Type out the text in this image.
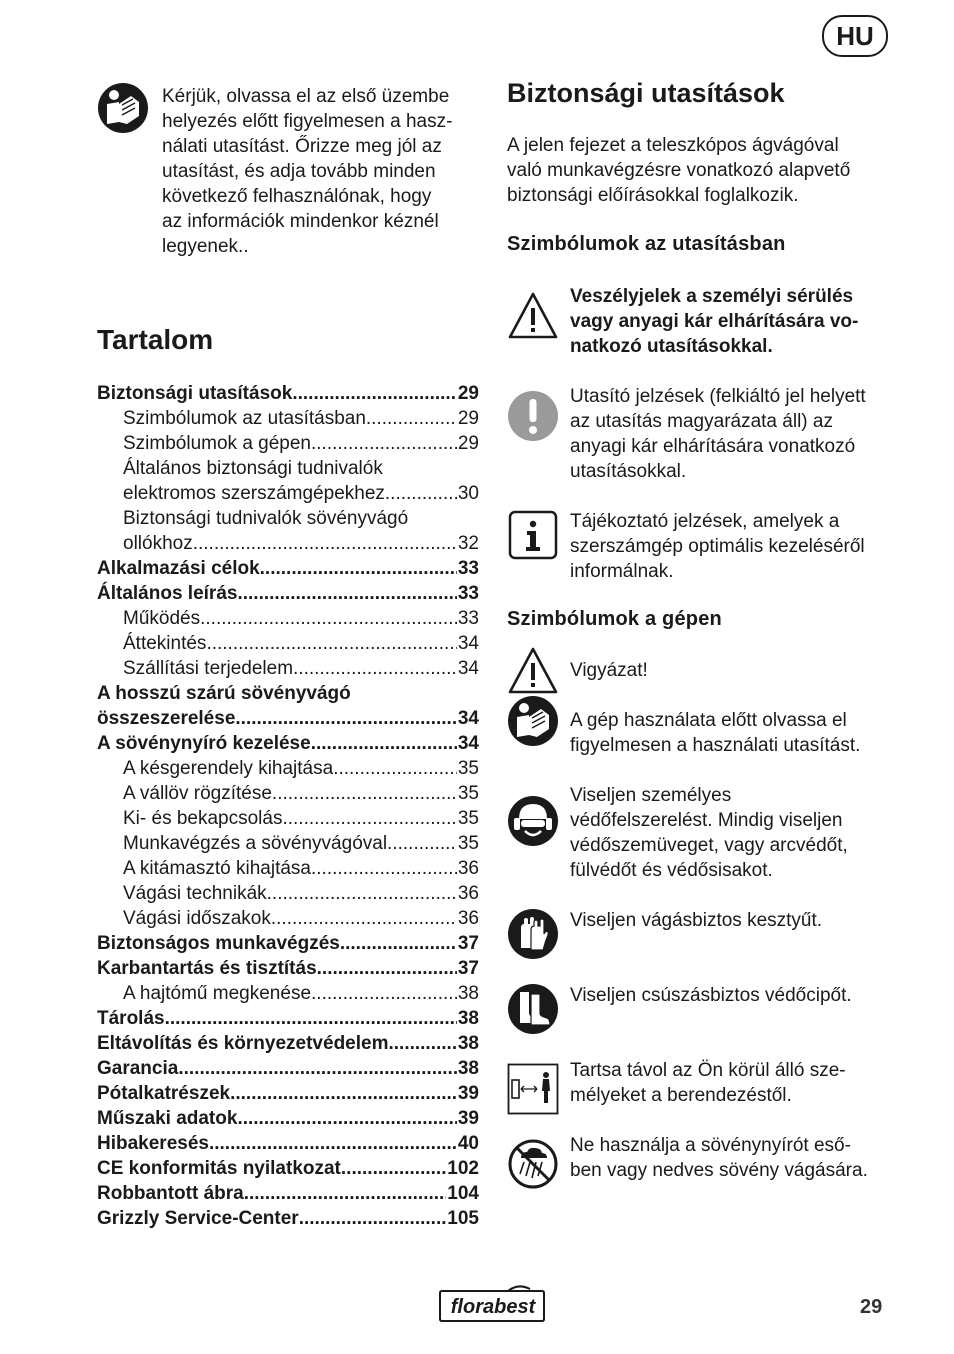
HU

Kérjük, olvassa el az első üzembe
helyezés előtt figyelmesen a hasz-
nálati utasítást. Őrizze meg jól az
utasítást, és adja tovább minden
következő felhasználónak, hogy
az információk mindenkor kéznél
legyenek..

Tartalom
Biztonsági utasítások .....	29
Szimbólumok az utasításban .....	29
Szimbólumok a gépen .....	29
Általános biztonsági tudnivalók
elektromos szerszámgépekhez .....	30
Biztonsági tudnivalók sövényvágó
ollókhoz .....	32
Alkalmazási célok .....	33
Általános leírás .....	33
Működés .....	33
Áttekintés .....	34
Szállítási terjedelem .....	34
A hosszú szárú sövényvágó
összeszerelése .....	34
A sövénynyíró kezelése .....	34
A késgerendely kihajtása .....	35
A vállöv rögzítése .....	35
Ki- és bekapcsolás .....	35
Munkavégzés a sövényvágóval .....	35
A kitámasztó kihajtása .....	36
Vágási technikák .....	36
Vágási időszakok .....	36
Biztonságos munkavégzés .....	37
Karbantartás és tisztítás .....	37
A hajtómű megkenése .....	38
Tárolás .....	38
Eltávolítás és környezetvédelem .....	38
Garancia .....	38
Pótalkatrészek .....	39
Műszaki adatok .....	39
Hibakeresés .....	40
CE konformitás nyilatkozat .....	102
Robbantott ábra .....	104
Grizzly Service-Center .....	105
Biztonsági utasítások
A jelen fejezet a teleszkópos ágvágóval
való munkavégzésre vonatkozó alapvető
biztonsági előírásokkal foglalkozik.
Szimbólumok az utasításban
Veszélyjelek a személyi sérülés
vagy anyagi kár elhárítására vo-
natkozó utasításokkal.
Utasító jelzések (felkiáltó jel helyett
az utasítás magyarázata áll) az
anyagi kár elhárítására vonatkozó
utasításokkal.
Tájékoztató jelzések, amelyek a
szerszámgép optimális kezeléséről
informálnak.
Szimbólumok a gépen
Vigyázat!
A gép használata előtt olvassa el
figyelmesen a használati utasítást.
Viseljen személyes
védőfelszerelést. Mindig viseljen
védőszemüveget, vagy arcvédőt,
fülvédőt és védősisakot.
Viseljen vágásbiztos kesztyűt.
Viseljen csúszásbiztos védőcipőt.
Tartsa távol az Ön körül álló sze-
mélyeket a berendezéstől.
Ne használja a sövénynyírót eső-
ben vagy nedves sövény vágására.
florabest	29
